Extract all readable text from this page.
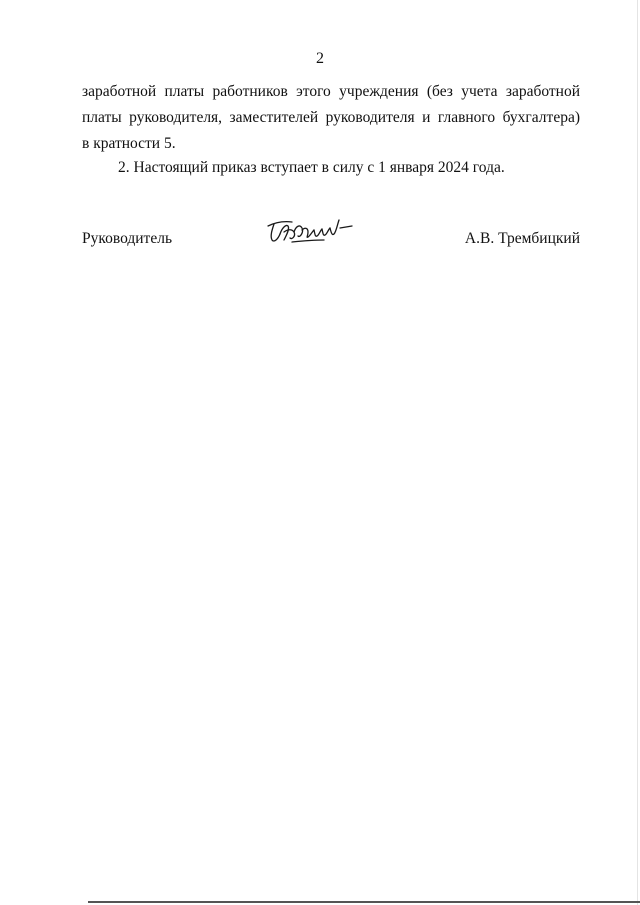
2
заработной платы работников этого учреждения (без учета заработной
платы руководителя, заместителей руководителя и главного бухгалтера)
в кратности 5.
2. Настоящий приказ вступает в силу с 1 января 2024 года.
Руководитель	А.В. Трембицкий
